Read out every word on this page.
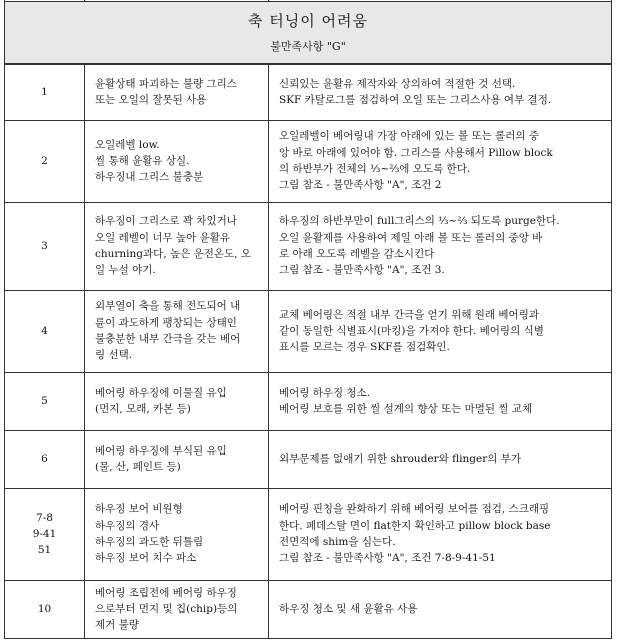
축 터닝이 어려움
불만족사항 "G"		

1	윤활상태 파괴하는 불량 그리스
또는 오일의 잘못된 사용	신뢰있는 윤활유 제작자와 상의하여 적절한 것 선택.
SKF 카탈로그를 점검하여 오일 또는 그리스사용 여부 결정.

2	오일레벨 low.
씰 통해 윤활유 상실.
하우징내 그리스 불충분	오일레벨이 베어링내 가장 아래에 있는 볼 또는 롤러의 중
앙 바로 아래에 있어야 함. 그리스를 사용해서 Pillow block
의 하반부가 전체의 ⅓~⅔에 오도록 한다.
그림 참조 - 불만족사항 "A", 조건 2

3	하우징이 그리스로 꽉 차있거나
오일 레벨이 너무 높아 윤활유
churning과다, 높은 운전온도, 오
일 누설 야기.	하우징의 하반부만이 full그리스의 ⅓~⅔ 되도록 purge한다.
오일 윤활제를 사용하여 제일 아래 볼 또는 롤러의 중앙 바
로 아래 오도록 레벨을 감소시킨다
그림 참조 - 불만족사항 "A", 조건 3.

4	외부열이 축을 통해 전도되어 내
륜이 과도하게 팽창되는 상태인
불충분한 내부 간극을 갖는 베어
링 선택.	교체 베어링은 적절 내부 간극을 얻기 위해 원래 베어링과
같이 동일한 식별표시(마킹)을 가져야 한다. 베어링의 식별
표시를 모르는 경우 SKF를 점검확인.

5	베어링 하우징에 이물질 유입
(먼지, 모래, 카본 등)	베어링 하우징 청소.
베어링 보호를 위한 씰 설계의 향상 또는 마멸된 씰 교체

6	베어링 하우징에 부식된 유입
(물, 산, 페인트 등)	외부문제를 없애기 위한 shrouder와 flinger의 부가

7-8
9-41
51	하우징 보어 비원형
하우징의 경사
하우징의 과도한 뒤틀림
하우징 보어 치수 파소	베어링 핀칭을 완화하기 위해 베어링 보어를 점검, 스크래핑
한다. 페데스탈 면이 flat한지 확인하고 pillow block base
전면적에 shim을 심는다.
그림 참조 - 불만족사항 "A", 조건 7-8-9-41-51

10	베어링 조립전에 베어링 하우징
으로부터 먼지 및 칩(chip)등의
제거 불량	하우징 청소 및 새 윤활유 사용
